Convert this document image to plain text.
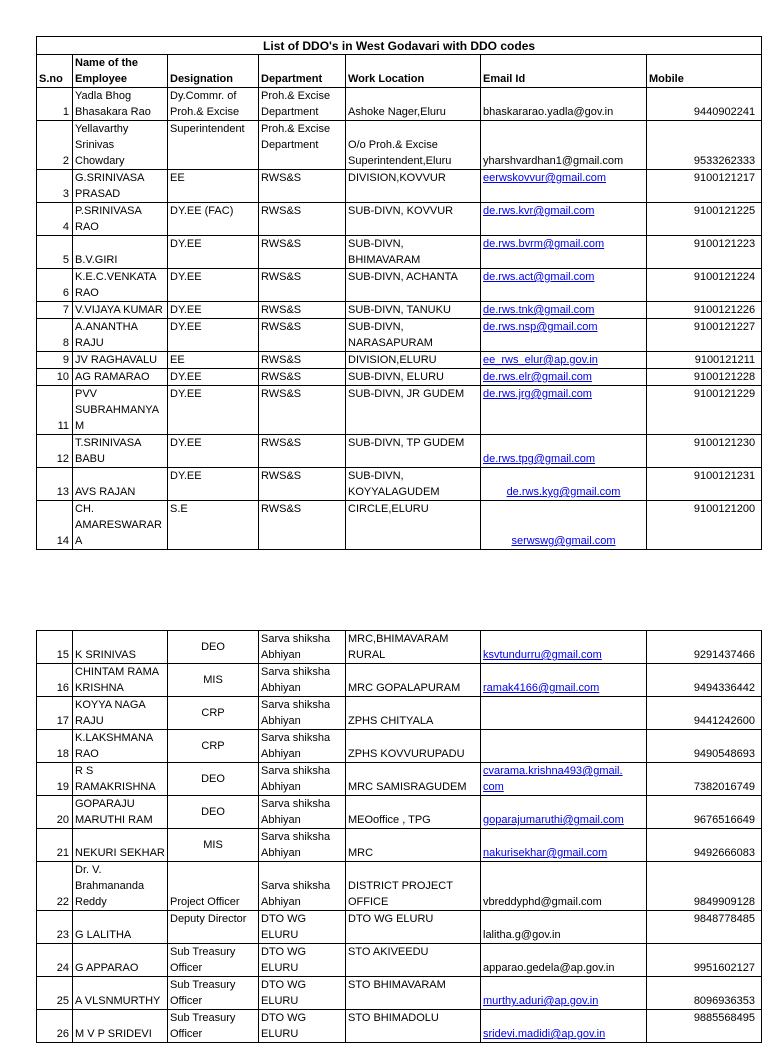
List of DDO's in West Godavari with DDO codes						
S.no	Name of the
Employee	Designation	Department	Work Location	Email Id	Mobile
1	Yadla Bhog
Bhasakara Rao	Dy.Commr. of
Proh.& Excise	Proh.& Excise
Department	Ashoke Nager,Eluru	bhaskararao.yadla@gov.in	9440902241
2	Yellavarthy
Srinivas
Chowdary	Superintendent	Proh.& Excise
Department	O/o Proh.& Excise
Superintendent,Eluru	yharshvardhan1@gmail.com	9533262333
3	G.SRINIVASA
PRASAD	EE	RWS&S	DIVISION,KOVVUR	eerwskovvur@gmail.com	9100121217
4	P.SRINIVASA
RAO	DY.EE (FAC)	RWS&S	SUB-DIVN, KOVVUR	de.rws.kvr@gmail.com	9100121225
5	B.V.GIRI	DY.EE	RWS&S	SUB-DIVN,
BHIMAVARAM	de.rws.bvrm@gmail.com	9100121223
6	K.E.C.VENKATA
RAO	DY.EE	RWS&S	SUB-DIVN, ACHANTA	de.rws.act@gmail.com	9100121224
7	V.VIJAYA KUMAR	DY.EE	RWS&S	SUB-DIVN, TANUKU	de.rws.tnk@gmail.com	9100121226
8	A.ANANTHA
RAJU	DY.EE	RWS&S	SUB-DIVN,
NARASAPURAM	de.rws.nsp@gmail.com	9100121227
9	JV RAGHAVALU	EE	RWS&S	DIVISION,ELURU	ee_rws_elur@ap.gov.in	9100121211
10	AG RAMARAO	DY.EE	RWS&S	SUB-DIVN, ELURU	de.rws.elr@gmail.com	9100121228
11	PVV
SUBRAHMANYA
M	DY.EE	RWS&S	SUB-DIVN, JR GUDEM	de.rws.jrg@gmail.com	9100121229
12	T.SRINIVASA
BABU	DY.EE	RWS&S	SUB-DIVN, TP GUDEM	de.rws.tpg@gmail.com	9100121230
13	AVS RAJAN	DY.EE	RWS&S	SUB-DIVN,
KOYYALAGUDEM	de.rws.kyg@gmail.com	9100121231
14	CH.
AMARESWARAR
A	S.E	RWS&S	CIRCLE,ELURU	serwswg@gmail.com	9100121200
15	K SRINIVAS	DEO	Sarva shiksha
Abhiyan	MRC,BHIMAVARAM
RURAL	ksvtundurru@gmail.com	9291437466
16	CHINTAM RAMA
KRISHNA	MIS	Sarva shiksha
Abhiyan	MRC GOPALAPURAM	ramak4166@gmail.com	9494336442
17	KOYYA NAGA
RAJU	CRP	Sarva shiksha
Abhiyan	ZPHS CHITYALA		9441242600
18	K.LAKSHMANA
RAO	CRP	Sarva shiksha
Abhiyan	ZPHS KOVVURUPADU		9490548693
19	R S
RAMAKRISHNA	DEO	Sarva shiksha
Abhiyan	MRC SAMISRAGUDEM	cvarama.krishna493@gmail.
com	7382016749
20	GOPARAJU
MARUTHI RAM	DEO	Sarva shiksha
Abhiyan	MEOoffice , TPG	goparajumaruthi@gmail.com	9676516649
21	NEKURI SEKHAR	MIS	Sarva shiksha
Abhiyan	MRC	nakurisekhar@gmail.com	9492666083
22	Dr. V.
Brahmananda
Reddy	Project Officer	Sarva shiksha
Abhiyan	DISTRICT PROJECT
OFFICE	vbreddyphd@gmail.com	9849909128
23	G LALITHA	Deputy Director	DTO WG
ELURU	DTO WG ELURU	lalitha.g@gov.in	9848778485
24	G APPARAO	Sub Treasury
Officer	DTO WG
ELURU	STO AKIVEEDU	apparao.gedela@ap.gov.in	9951602127
25	A VLSNMURTHY	Sub Treasury
Officer	DTO WG
ELURU	STO BHIMAVARAM	murthy.aduri@ap.gov.in	8096936353
26	M V P SRIDEVI	Sub Treasury
Officer	DTO WG
ELURU	STO BHIMADOLU	sridevi.madidi@ap.gov.in	9885568495
